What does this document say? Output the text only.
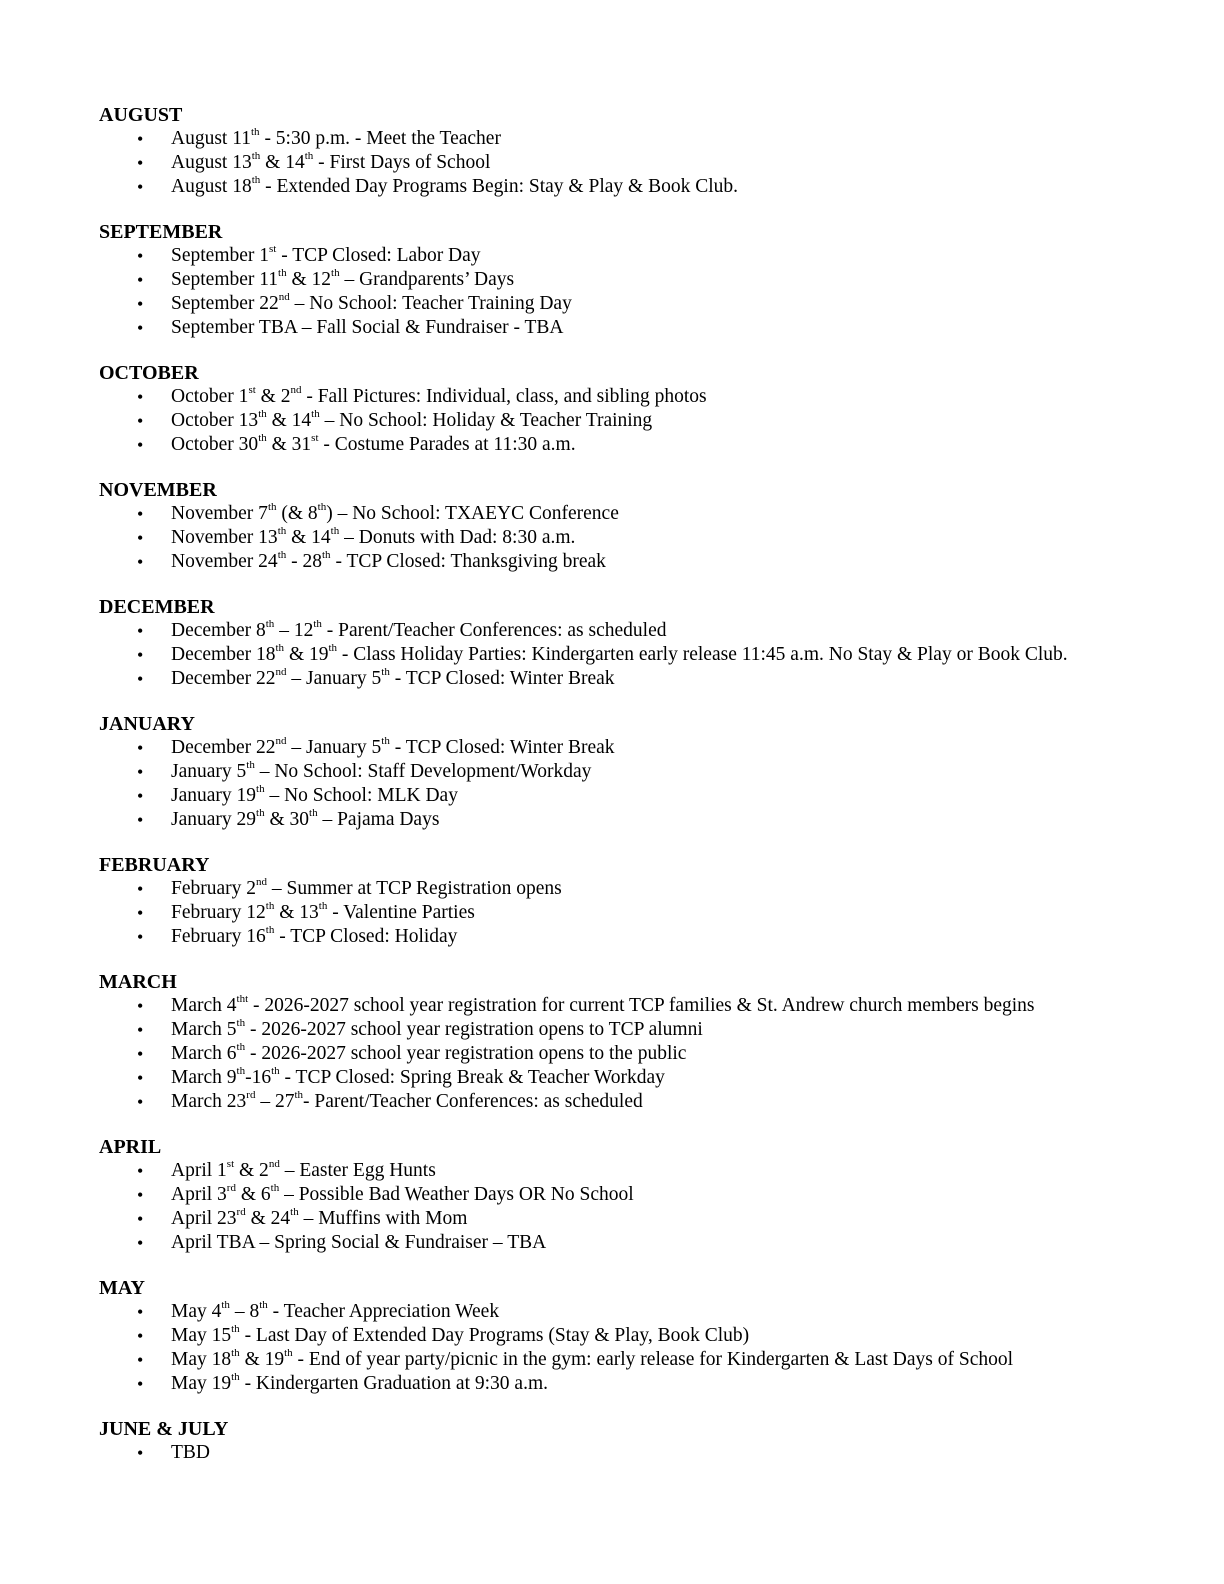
AUGUST
• August 11th - 5:30 p.m. - Meet the Teacher
• August 13th & 14th - First Days of School
• August 18th - Extended Day Programs Begin: Stay & Play & Book Club.
SEPTEMBER
• September 1st - TCP Closed: Labor Day
• September 11th & 12th – Grandparents’ Days
• September 22nd – No School: Teacher Training Day
• September TBA – Fall Social & Fundraiser - TBA
OCTOBER
• October 1st & 2nd - Fall Pictures: Individual, class, and sibling photos
• October 13th & 14th – No School: Holiday & Teacher Training
• October 30th & 31st - Costume Parades at 11:30 a.m.
NOVEMBER
• November 7th (& 8th) – No School: TXAEYC Conference
• November 13th & 14th – Donuts with Dad: 8:30 a.m.
• November 24th - 28th - TCP Closed: Thanksgiving break
DECEMBER
• December 8th – 12th - Parent/Teacher Conferences: as scheduled
• December 18th & 19th - Class Holiday Parties: Kindergarten early release 11:45 a.m. No Stay & Play or Book Club.
• December 22nd – January 5th - TCP Closed: Winter Break
JANUARY
• December 22nd – January 5th - TCP Closed: Winter Break
• January 5th – No School: Staff Development/Workday
• January 19th – No School: MLK Day
• January 29th & 30th – Pajama Days
FEBRUARY
• February 2nd – Summer at TCP Registration opens
• February 12th & 13th - Valentine Parties
• February 16th - TCP Closed: Holiday
MARCH
• March $4^{tht} - 2026-2027$ school year registration for current TCP families & St. Andrew church members begins
• March 5th - 2026-2027 school year registration opens to TCP alumni
• March 6th - 2026-2027 school year registration opens to the public
• March 9th-16th - TCP Closed: Spring Break & Teacher Workday
• March 23rd – 27th- Parent/Teacher Conferences: as scheduled
APRIL
• April 1st & 2nd – Easter Egg Hunts
• April 3rd & 6th – Possible Bad Weather Days OR No School
• April 23rd & 24th – Muffins with Mom
• April TBA – Spring Social & Fundraiser – TBA
MAY
• May 4th – 8th - Teacher Appreciation Week
• May 15th - Last Day of Extended Day Programs (Stay & Play, Book Club)
• May 18th & 19th - End of year party/picnic in the gym: early release for Kindergarten & Last Days of School
• May 19th - Kindergarten Graduation at 9:30 a.m.
JUNE & JULY
• TBD
